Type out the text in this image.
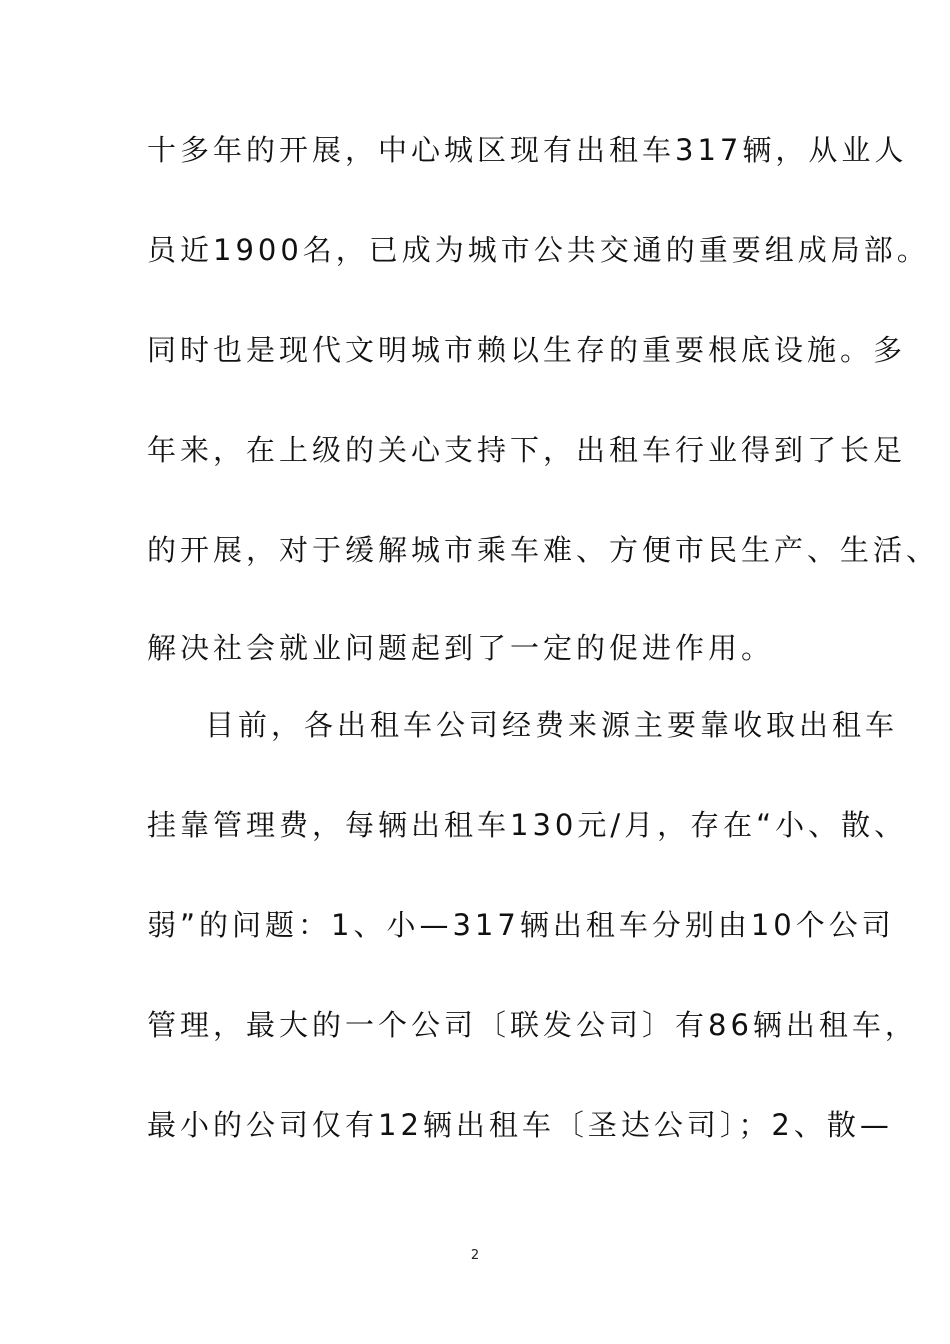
十多年的开展，中心城区现有出租车317辆，从业人
员近1900名，已成为城市公共交通的重要组成局部。
同时也是现代文明城市赖以生存的重要根底设施。多
年来，在上级的关心支持下，出租车行业得到了长足
的开展，对于缓解城市乘车难、方便市民生产、生活、
解决社会就业问题起到了一定的促进作用。
目前，各出租车公司经费来源主要靠收取出租车
挂靠管理费，每辆出租车130元/月，存在“小、散、
弱”的问题：1、小—317辆出租车分别由10个公司
管理，最大的一个公司〔联发公司〕有86辆出租车，
最小的公司仅有12辆出租车〔圣达公司〕；2、散—
2
